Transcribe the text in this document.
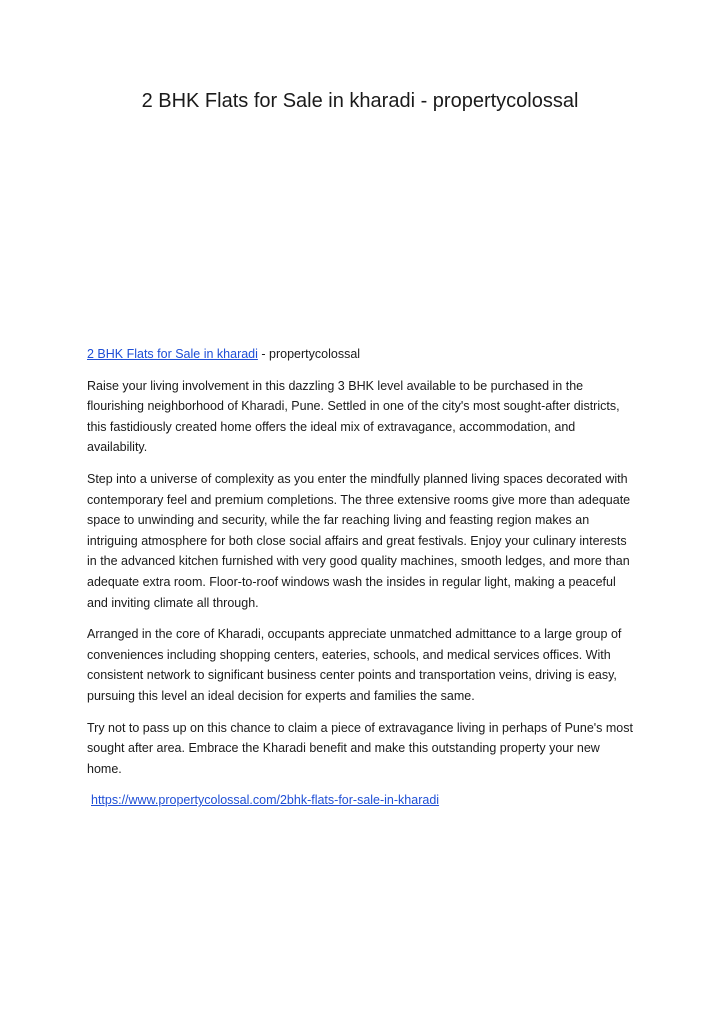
2 BHK Flats for Sale in kharadi - propertycolossal

2 BHK Flats for Sale in kharadi - propertycolossal

Raise your living involvement in this dazzling 3 BHK level available to be purchased in the flourishing neighborhood of Kharadi, Pune. Settled in one of the city's most sought-after districts, this fastidiously created home offers the ideal mix of extravagance, accommodation, and availability.

Step into a universe of complexity as you enter the mindfully planned living spaces decorated with contemporary feel and premium completions. The three extensive rooms give more than adequate space to unwinding and security, while the far reaching living and feasting region makes an intriguing atmosphere for both close social affairs and great festivals. Enjoy your culinary interests in the advanced kitchen furnished with very good quality machines, smooth ledges, and more than adequate extra room. Floor-to-roof windows wash the insides in regular light, making a peaceful and inviting climate all through.

Arranged in the core of Kharadi, occupants appreciate unmatched admittance to a large group of conveniences including shopping centers, eateries, schools, and medical services offices. With consistent network to significant business center points and transportation veins, driving is easy, pursuing this level an ideal decision for experts and families the same.

Try not to pass up on this chance to claim a piece of extravagance living in perhaps of Pune's most sought after area. Embrace the Kharadi benefit and make this outstanding property your new home.

https://www.propertycolossal.com/2bhk-flats-for-sale-in-kharadi
